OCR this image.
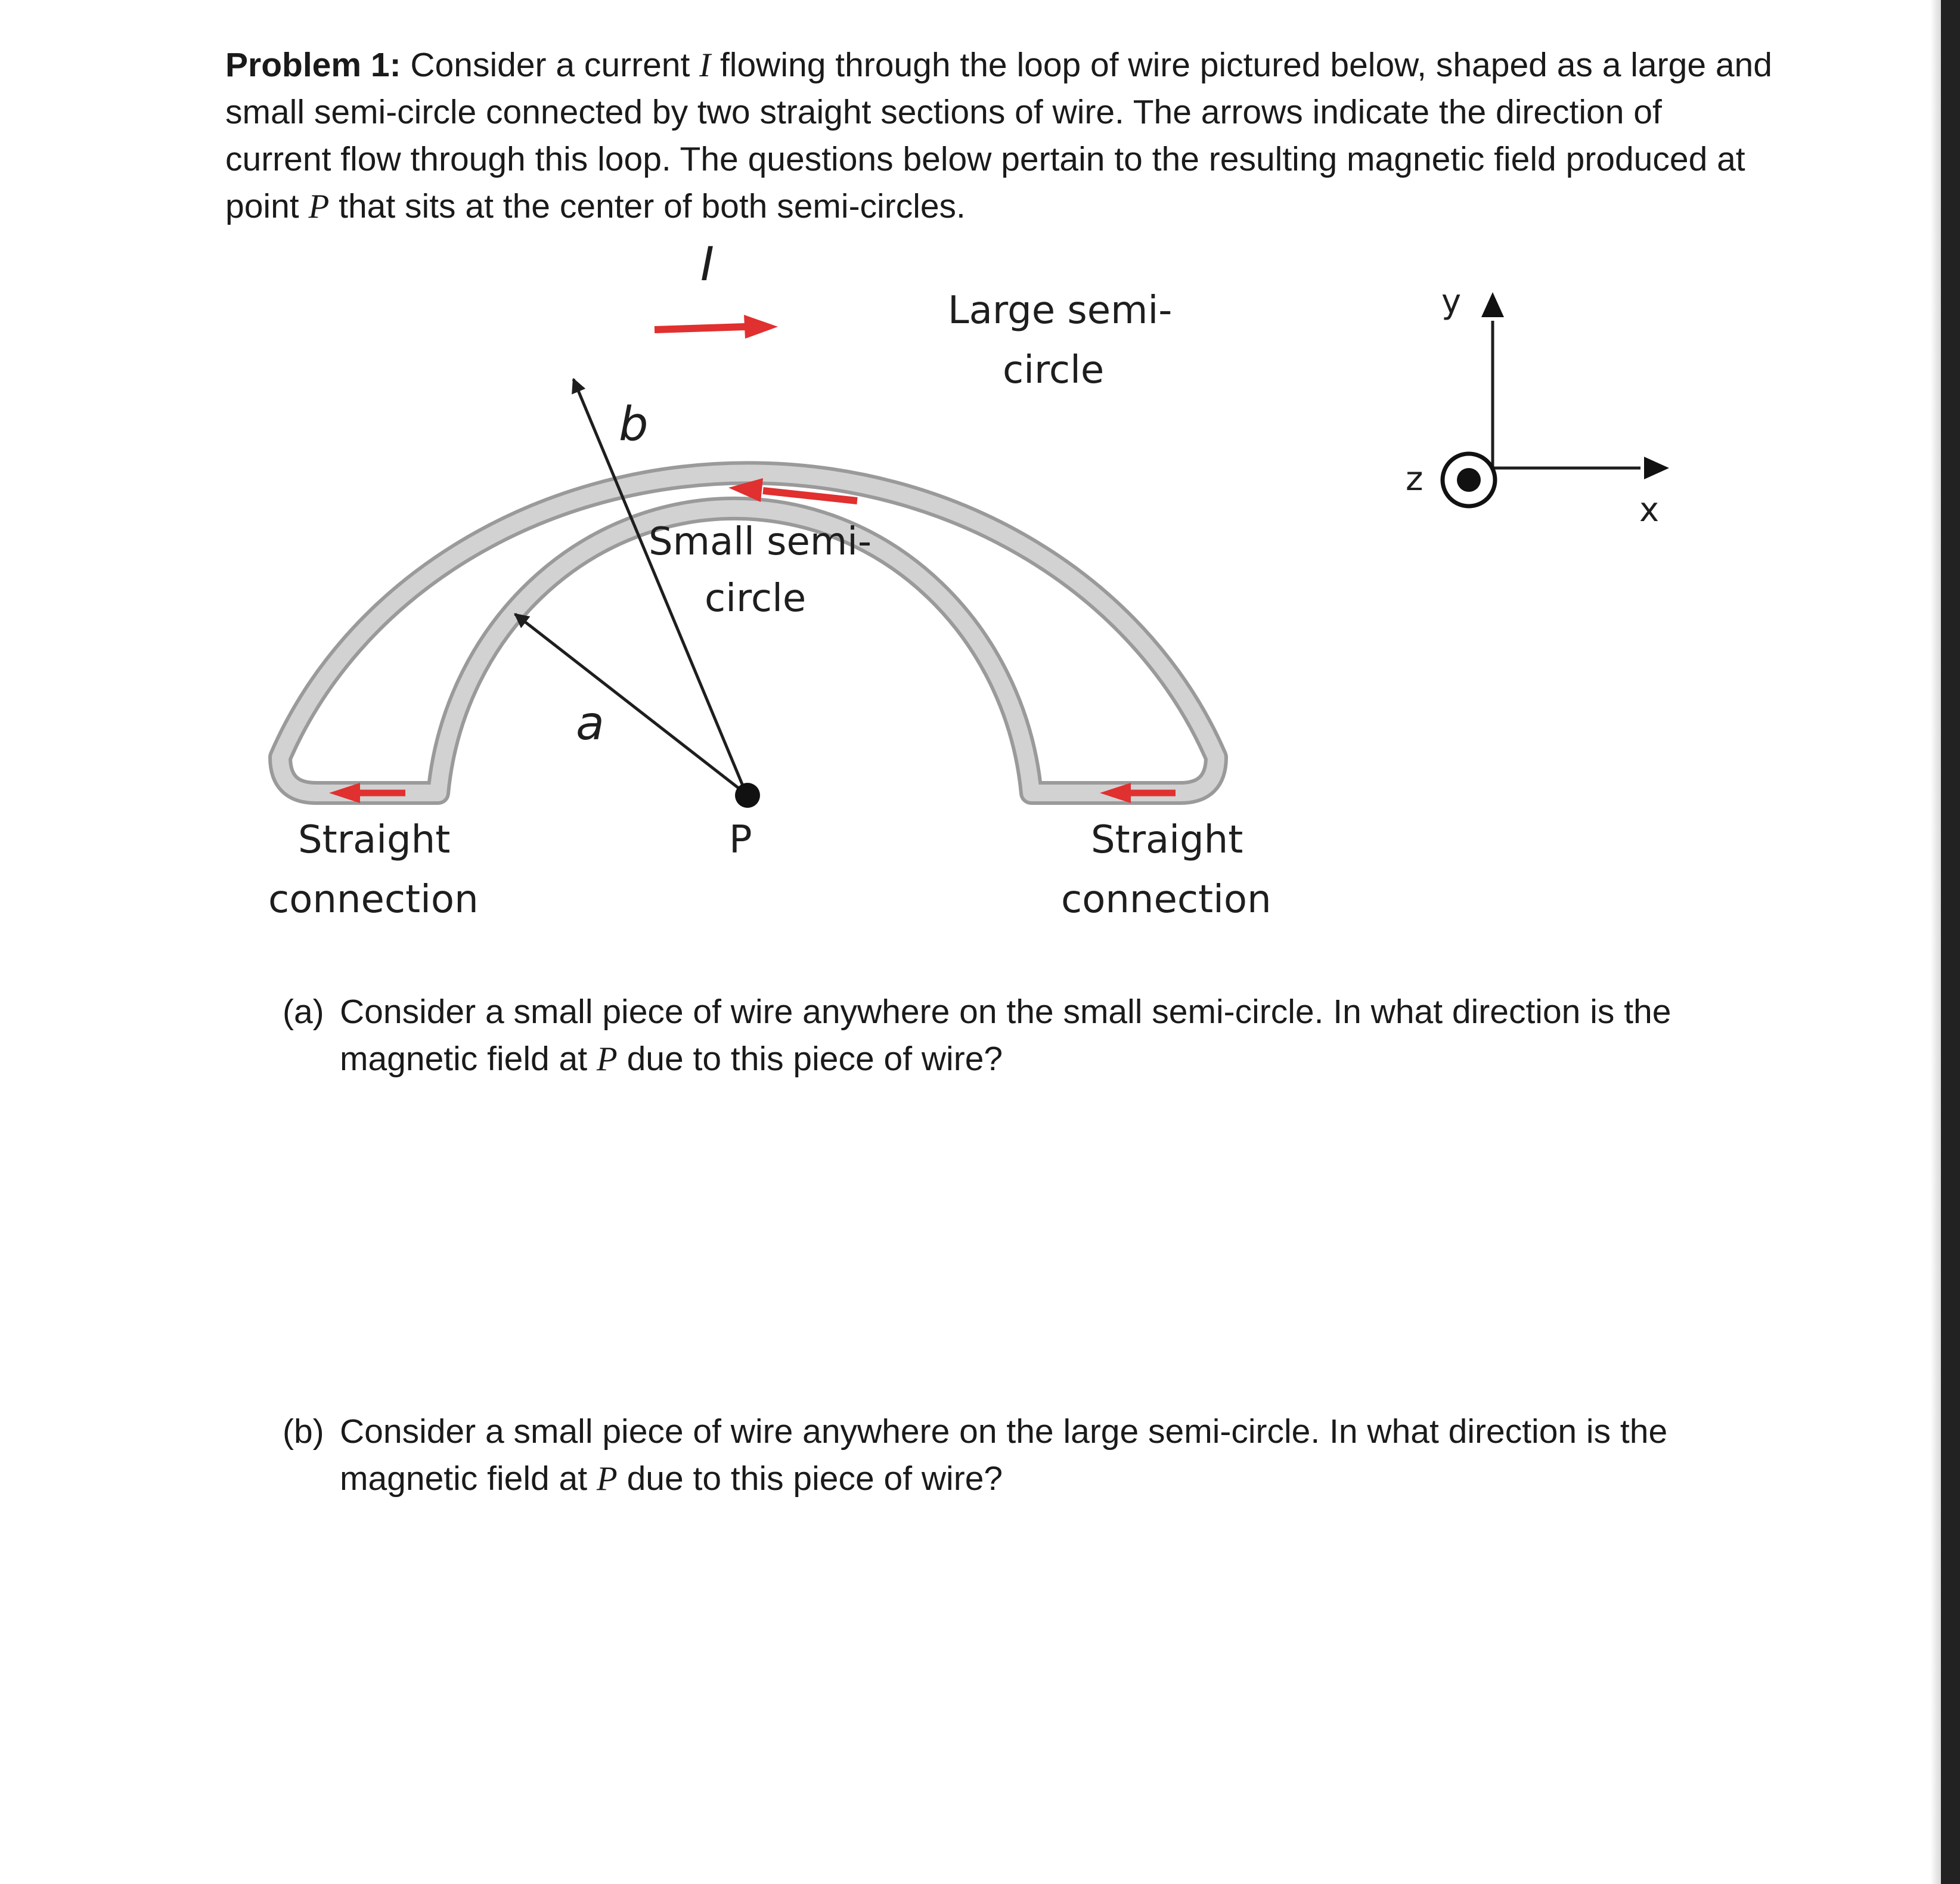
Problem 1: Consider a current I flowing through the loop of wire pictured below, shaped as a large and small semi-circle connected by two straight sections of wire. The arrows indicate the direction of current flow through this loop. The questions below pertain to the resulting magnetic field produced at point P that sits at the center of both semi-circles.

I
Large semi-
circle
b
Small semi-
circle
a
P
Straight
connection
Straight
connection
y
x
z
(a) Consider a small piece of wire anywhere on the small semi-circle. In what direction is the magnetic field at P due to this piece of wire?
(b) Consider a small piece of wire anywhere on the large semi-circle. In what direction is the magnetic field at P due to this piece of wire?
